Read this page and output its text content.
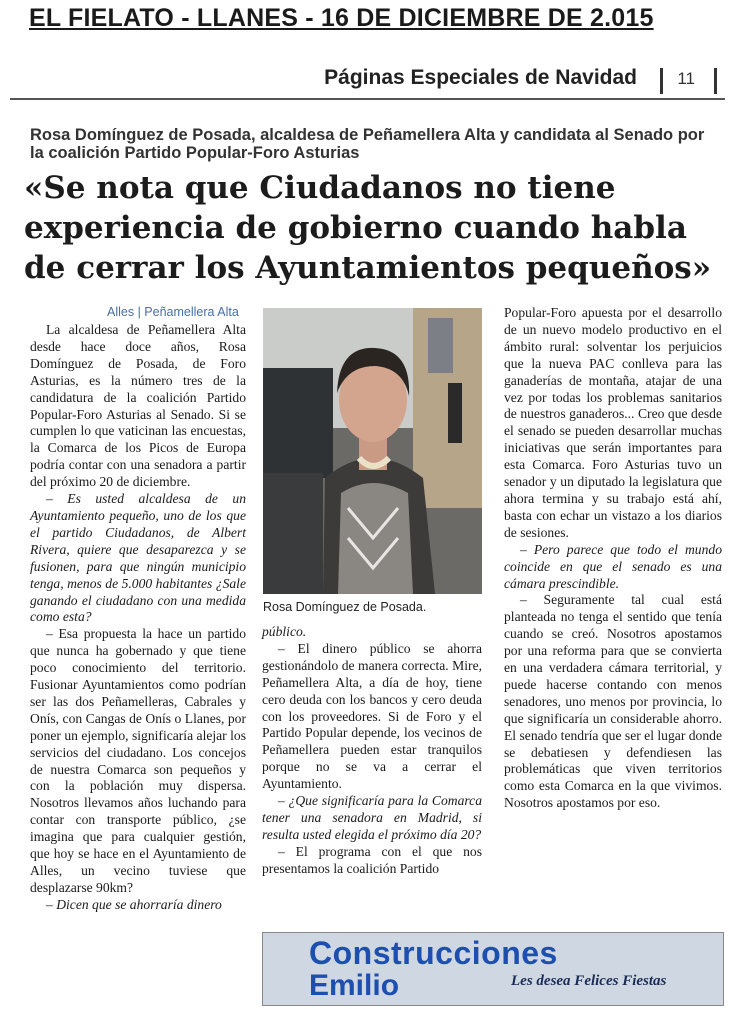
EL FIELATO - LLANES - 16 DE DICIEMBRE DE 2.015
Páginas Especiales de Navidad 11
Rosa Domínguez de Posada, alcaldesa de Peñamellera Alta y candidata al Senado por la coalición Partido Popular-Foro Asturias
«Se nota que Ciudadanos no tiene experiencia de gobierno cuando habla de cerrar los Ayuntamientos pequeños»
Alles | Peñamellera Alta

La alcaldesa de Peñamellera Alta desde hace doce años, Rosa Domínguez de Posada, de Foro Asturias, es la número tres de la candidatura de la coalición Partido Popular-Foro Asturias al Senado. Si se cumplen lo que vaticinan las encuestas, la Comarca de los Picos de Europa podría contar con una senadora a partir del próximo 20 de diciembre.

– Es usted alcaldesa de un Ayuntamiento pequeño, uno de los que el partido Ciudadanos, de Albert Rivera, quiere que desaparezca y se fusionen, para que ningún municipio tenga, menos de 5.000 habitantes ¿Sale ganando el ciudadano con una medida como esta?

– Esa propuesta la hace un partido que nunca ha gobernado y que tiene poco conocimiento del territorio. Fusionar Ayuntamientos como podrían ser las dos Peñamelleras, Cabrales y Onís, con Cangas de Onís o Llanes, por poner un ejemplo, significaría alejar los servicios del ciudadano. Los concejos de nuestra Comarca son pequeños y con la población muy dispersa. Nosotros llevamos años luchando para contar con transporte público, ¿se imagina que para cualquier gestión, que hoy se hace en el Ayuntamiento de Alles, un vecino tuviese que desplazarse 90km?

– Dicen que se ahorraría dinero

Rosa Domínguez de Posada.

público.

– El dinero público se ahorra gestionándolo de manera correcta. Mire, Peñamellera Alta, a día de hoy, tiene cero deuda con los bancos y cero deuda con los proveedores. Si de Foro y el Partido Popular depende, los vecinos de Peñamellera pueden estar tranquilos porque no se va a cerrar el Ayuntamiento.

– ¿Que significaría para la Comarca tener una senadora en Madrid, si resulta usted elegida el próximo día 20?

– El programa con el que nos presentamos la coalición Partido

Popular-Foro apuesta por el desarrollo de un nuevo modelo productivo en el ámbito rural: solventar los perjuicios que la nueva PAC conlleva para las ganaderías de montaña, atajar de una vez por todas los problemas sanitarios de nuestros ganaderos... Creo que desde el senado se pueden desarrollar muchas iniciativas que serán importantes para esta Comarca. Foro Asturias tuvo un senador y un diputado la legislatura que ahora termina y su trabajo está ahí, basta con echar un vistazo a los diarios de sesiones.

– Pero parece que todo el mundo coincide en que el senado es una cámara prescindible.

– Seguramente tal cual está planteada no tenga el sentido que tenía cuando se creó. Nosotros apostamos por una reforma para que se convierta en una verdadera cámara territorial, y puede hacerse contando con menos senadores, uno menos por provincia, lo que significaría un considerable ahorro. El senado tendría que ser el lugar donde se debatiesen y defendiesen las problemáticas que viven territorios como esta Comarca en la que vivimos. Nosotros apostamos por eso.

Construcciones
Emilio	Les desea Felices Fiestas
